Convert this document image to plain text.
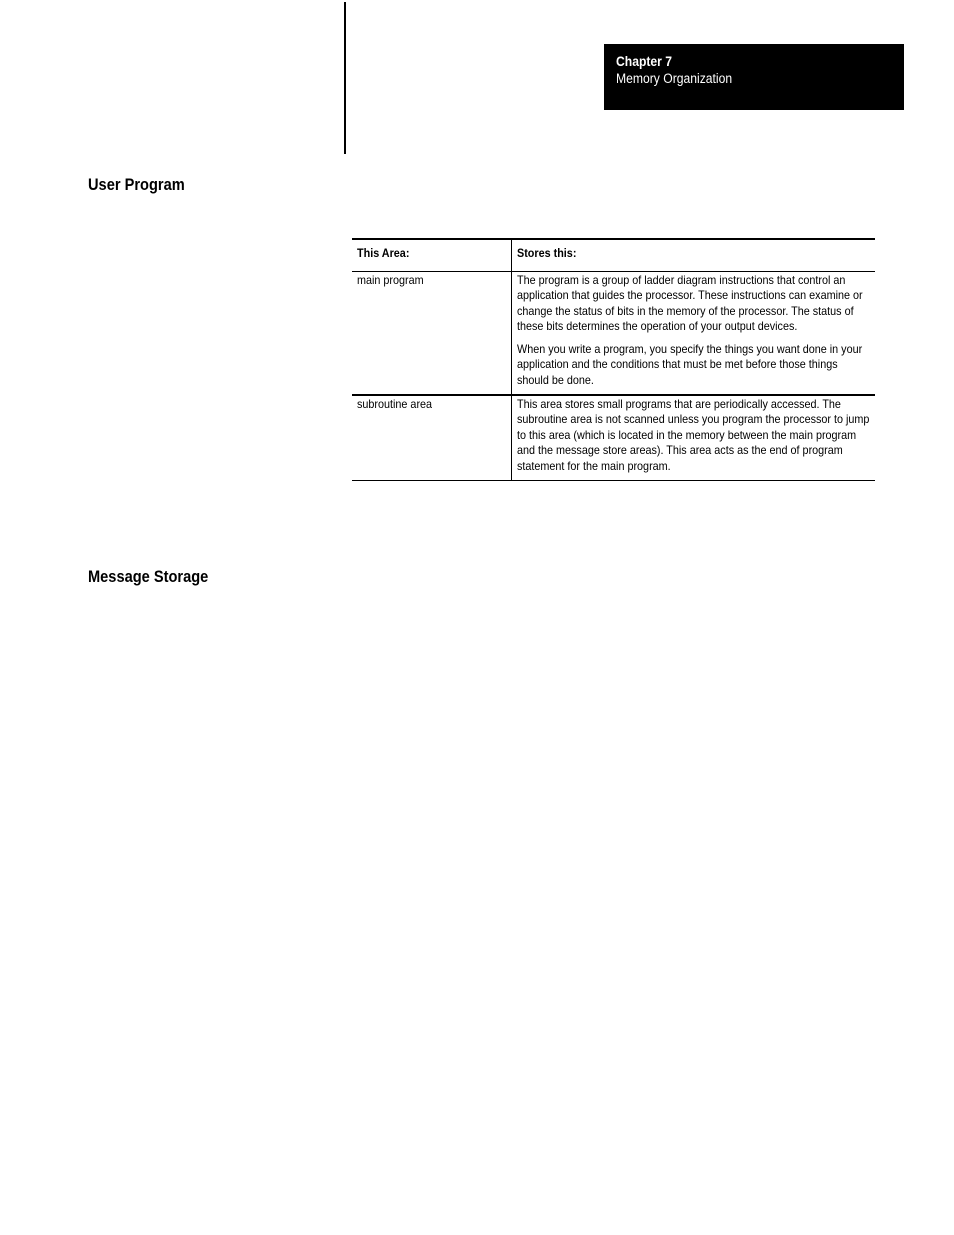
Chapter 7
Memory Organization
User Program
This Area:	Stores this:

main program	The program is a group of ladder diagram instructions that control an application that guides the processor. These instructions can examine or change the status of bits in the memory of the processor. The status of these bits determines the operation of your output devices.

When you write a program, you specify the things you want done in your application and the conditions that must be met before those things should be done.

subroutine area	This area stores small programs that are periodically accessed. The subroutine area is not scanned unless you program the processor to jump to this area (which is located in the memory between the main program and the message store areas). This area acts as the end of program statement for the main program.

Message Storage
